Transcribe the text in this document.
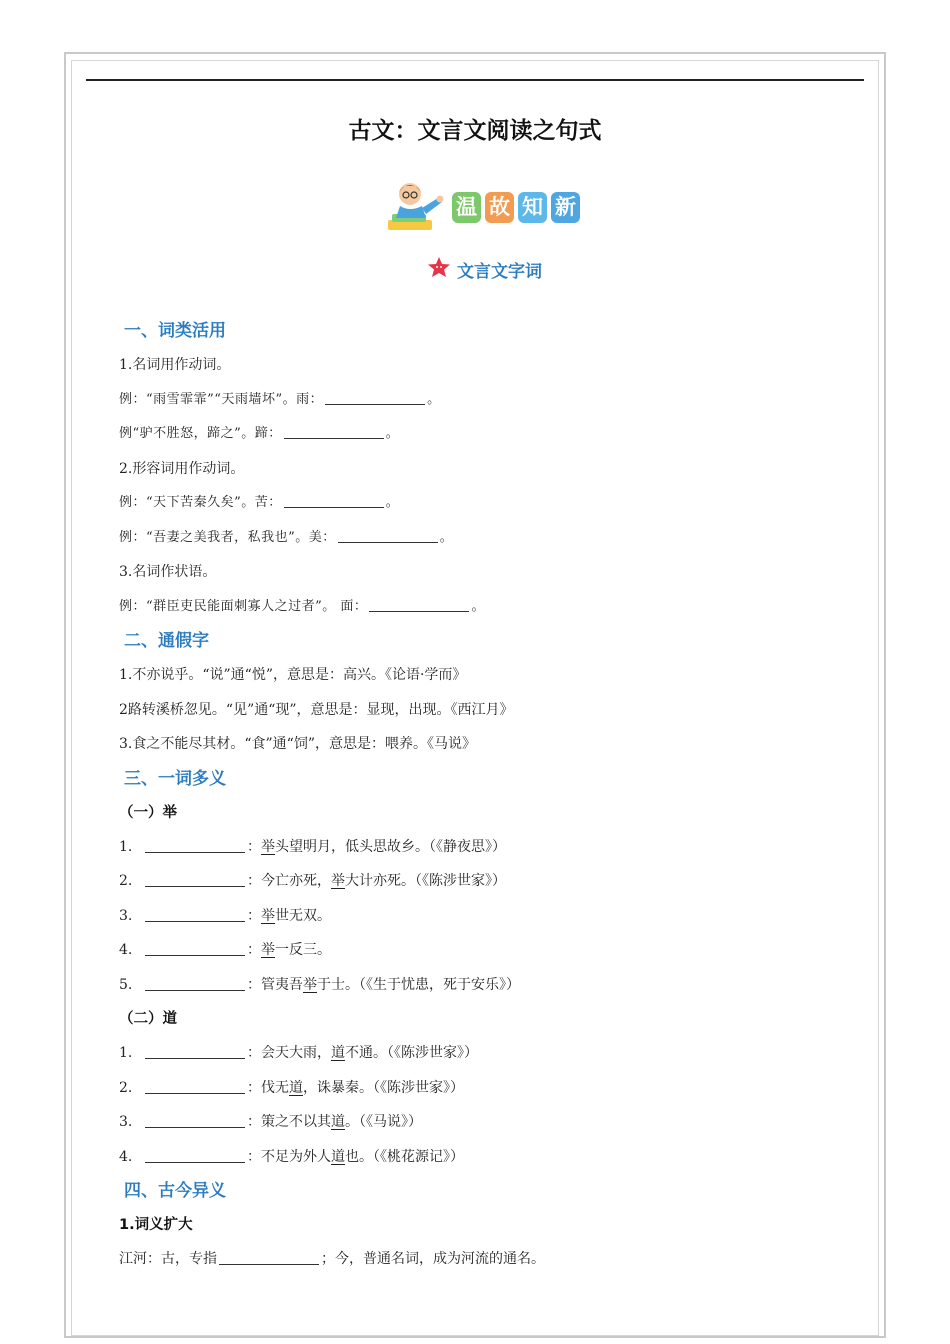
古文：文言文阅读之句式
温 故 知 新
文言文字词
一、词类活用
1.名词用作动词。
例：“雨雪霏霏”“天雨墙坏”。雨：	。
例“驴不胜怒，蹄之”。蹄：	。
2.形容词用作动词。
例：“天下苦秦久矣”。苦：	。
例：“吾妻之美我者，私我也”。美：	。
3.名词作状语。
例：“群臣吏民能面刺寡人之过者”。 面：	。
二、通假字
1.不亦说乎。“说”通“悦”，意思是：高兴。《论语·学而》
2路转溪桥忽见。“见”通“现”，意思是：显现，出现。《西江月》
3.食之不能尽其材。“食”通“饲”，意思是：喂养。《马说》
三、一词多义
（一）举
1.	：举头望明月，低头思故乡。（《静夜思》）
2.	：今亡亦死，举大计亦死。（《陈涉世家》）
3.	：举世无双。
4.	：举一反三。
5.	：管夷吾举于士。（《生于忧患，死于安乐》）
（二）道
1.	：会天大雨，道不通。（《陈涉世家》）
2.	：伐无道，诛暴秦。（《陈涉世家》）
3.	：策之不以其道。（《马说》）
4.	：不足为外人道也。（《桃花源记》）
四、古今异义
1.词义扩大
江河：古，专指	；今，普通名词，成为河流的通名。
